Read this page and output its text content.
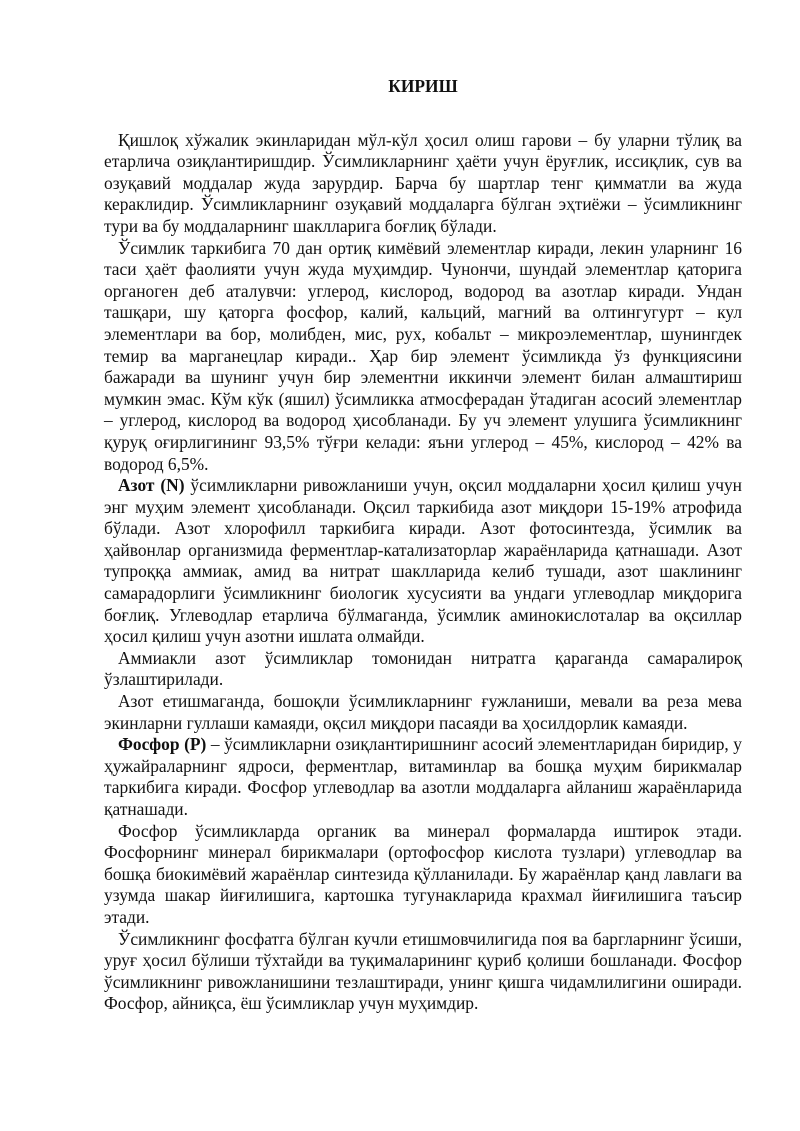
КИРИШ

Қишлоқ хўжалик экинларидан мўл-кўл ҳосил олиш гарови – бу уларни тўлиқ ва етарлича озиқлантиришдир. Ўсимликларнинг ҳаёти учун ёруғлик, иссиқлик, сув ва озуқавий моддалар жуда зарурдир. Барча бу шартлар тенг қимматли ва жуда кераклидир. Ўсимликларнинг озуқавий моддаларга бўлган эҳтиёжи – ўсимликнинг тури ва бу моддаларнинг шаклларига боғлиқ бўлади.

Ўсимлик таркибига 70 дан ортиқ кимёвий элементлар киради, лекин уларнинг 16 таси ҳаёт фаолияти учун жуда муҳимдир. Чунончи, шундай элементлар қаторига органоген деб аталувчи: углерод, кислород, водород ва азотлар киради. Ундан ташқари, шу қаторга фосфор, калий, кальций, магний ва олтингугурт – кул элементлари ва бор, молибден, мис, рух, кобальт – микроэлементлар, шунингдек темир ва марганецлар киради.. Ҳар бир элемент ўсимликда ўз функциясини бажаради ва шунинг учун бир элементни иккинчи элемент билан алмаштириш мумкин эмас. Кўм кўк (яшил) ўсимликка атмосферадан ўтадиган асосий элементлар – углерод, кислород ва водород ҳисобланади. Бу уч элемент улушига ўсимликнинг қуруқ оғирлигининг 93,5% тўғри келади: яъни углерод – 45%, кислород – 42% ва водород 6,5%.

Азот (N) ўсимликларни ривожланиши учун, оқсил моддаларни ҳосил қилиш учун энг муҳим элемент ҳисобланади. Оқсил таркибида азот миқдори 15-19% атрофида бўлади. Азот хлорофилл таркибига киради. Азот фотосинтезда, ўсимлик ва ҳайвонлар организмида ферментлар-катализаторлар жараёнларида қатнашади. Азот тупроққа аммиак, амид ва нитрат шаклларида келиб тушади, азот шаклининг самарадорлиги ўсимликнинг биологик хусусияти ва ундаги углеводлар миқдорига боғлиқ. Углеводлар етарлича бўлмаганда, ўсимлик аминокислоталар ва оқсиллар ҳосил қилиш учун азотни ишлата олмайди.

Аммиакли азот ўсимликлар томонидан нитратга қараганда самаралироқ ўзлаштирилади.

Азот етишмаганда, бошоқли ўсимликларнинг ғужланиши, мевали ва реза мева экинларни гуллаши камаяди, оқсил миқдори пасаяди ва ҳосилдорлик камаяди.

Фосфор (Р) – ўсимликларни озиқлантиришнинг асосий элементларидан биридир, у ҳужайраларнинг ядроси, ферментлар, витаминлар ва бошқа муҳим бирикмалар таркибига киради. Фосфор углеводлар ва азотли моддаларга айланиш жараёнларида қатнашади.

Фосфор ўсимликларда органик ва минерал формаларда иштирок этади. Фосфорнинг минерал бирикмалари (ортофосфор кислота тузлари) углеводлар ва бошқа биокимёвий жараёнлар синтезида қўлланилади. Бу жараёнлар қанд лавлаги ва узумда шакар йиғилишига, картошка тугунакларида крахмал йиғилишига таъсир этади.

Ўсимликнинг фосфатга бўлган кучли етишмовчилигида поя ва баргларнинг ўсиши, уруғ ҳосил бўлиши тўхтайди ва туқималарининг қуриб қолиши бошланади. Фосфор ўсимликнинг ривожланишини тезлаштиради, унинг қишга чидамлилигини оширади. Фосфор, айниқса, ёш ўсимликлар учун муҳимдир.
